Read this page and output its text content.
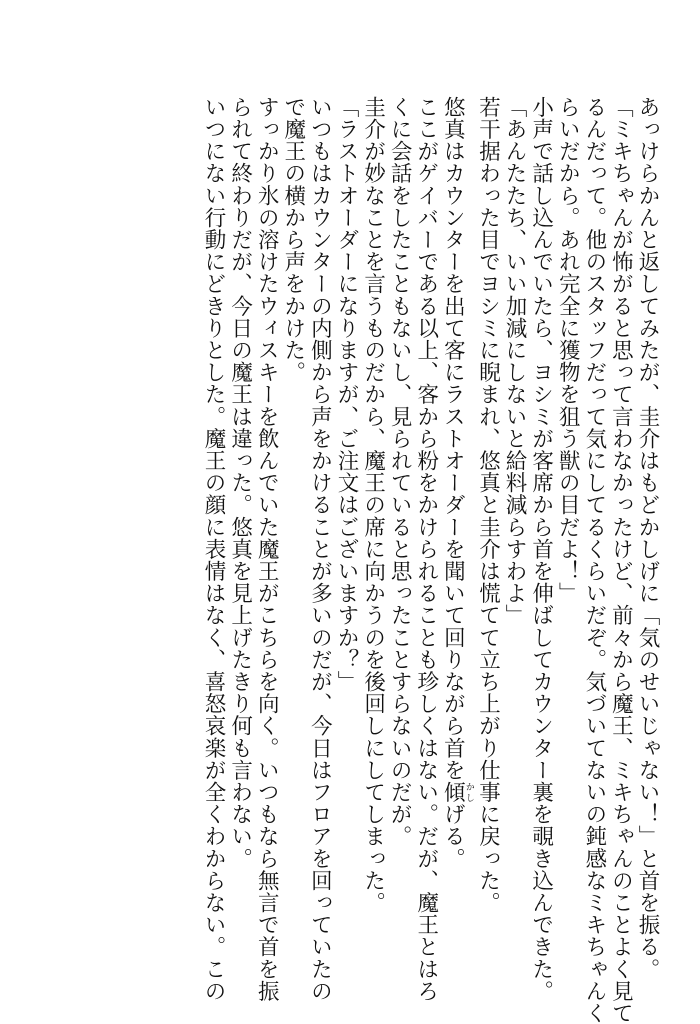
あっけらかんと返してみたが、圭介はもどかしげに「気のせいじゃない！」と首を振る。
「ミキちゃんが怖がると思って言わなかったけど、前々から魔王、ミキちゃんのことよく見て
るんだって。他のスタッフだって気にしてるくらいだぞ。気づいてないの鈍感なミキちゃんく
らいだから。あれ完全に獲物を狙う獣の目だよ！」
小声で話し込んでいたら、ヨシミが客席から首を伸ばしてカウンター裏を覗き込んできた。
「あんたたち、いい加減にしないと給料減らすわよ」
若干据わった目でヨシミに睨まれ、悠真と圭介は慌てて立ち上がり仕事に戻った。
悠真はカウンターを出て客にラストオーダーを聞いて回りながら首を傾かしげる。
ここがゲイバーである以上、客から粉をかけられることも珍しくはない。だが、魔王とはろ
くに会話をしたこともないし、見られていると思ったことすらないのだが。
圭介が妙なことを言うものだから、魔王の席に向かうのを後回しにしてしまった。
「ラストオーダーになりますが、ご注文はございますか？」
いつもはカウンターの内側から声をかけることが多いのだが、今日はフロアを回っていたの
で魔王の横から声をかけた。
すっかり氷の溶けたウィスキーを飲んでいた魔王がこちらを向く。いつもなら無言で首を振
られて終わりだが、今日の魔王は違った。悠真を見上げたきり何も言わない。
いつにない行動にどきりとした。魔王の顔に表情はなく、喜怒哀楽が全くわからない。この
